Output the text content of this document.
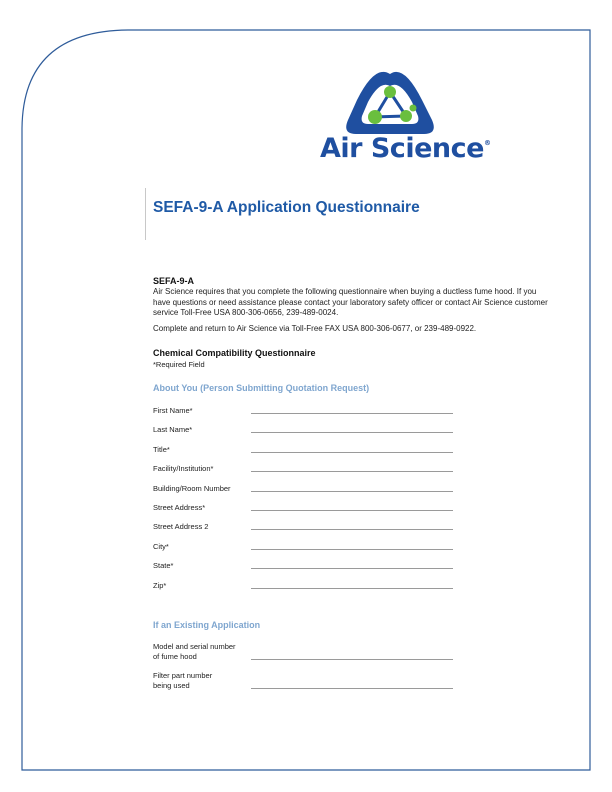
Air Science®
SEFA-9-A Application Questionnaire
SEFA-9-A

Air Science requires that you complete the following questionnaire when buying a ductless fume hood. If you have questions or need assistance please contact your laboratory safety officer or contact Air Science customer service Toll-Free USA 800-306-0656, 239-489-0024.

Complete and return to Air Science via Toll-Free FAX USA 800-306-0677, or 239-489-0922.

Chemical Compatibility Questionnaire
*Required Field
About You (Person Submitting Quotation Request)
First Name*
Last Name*
Title*
Facility/Institution*
Building/Room Number
Street Address*
Street Address 2
City*
State*
Zip*
If an Existing Application
Model and serial number
of fume hood
Filter part number
being used
